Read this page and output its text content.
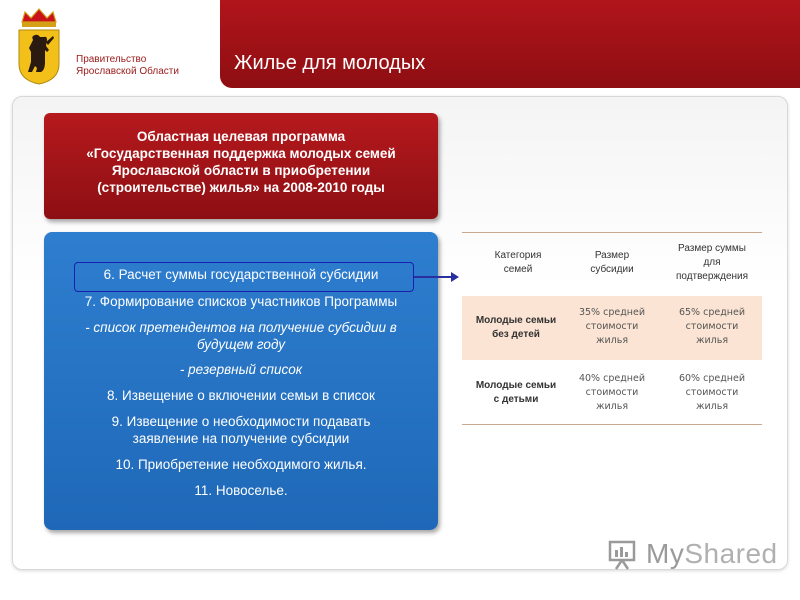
Правительство
Ярославской Области	Жилье для молодых
Областная целевая программа
«Государственная поддержка молодых семей
Ярославской области в приобретении
(строительстве) жилья» на 2008-2010 годы
6. Расчет суммы государственной субсидии
7. Формирование списков участников Программы
- список претендентов на получение субсидии в
будущем году
- резервный список
8. Извещение о включении семьи в список
9. Извещение о необходимости подавать
заявление на получение субсидии
10. Приобретение необходимого жилья.
11. Новоселье.
Категория
семей
Размер
субсидии
Размер суммы
для
подтверждения
Молодые семьи
без детей
35% средней
стоимости
жилья
65% средней
стоимости
жилья
Молодые семьи
с детьми
40% средней
стоимости
жилья
60% средней
стоимости
жилья
MyShared
